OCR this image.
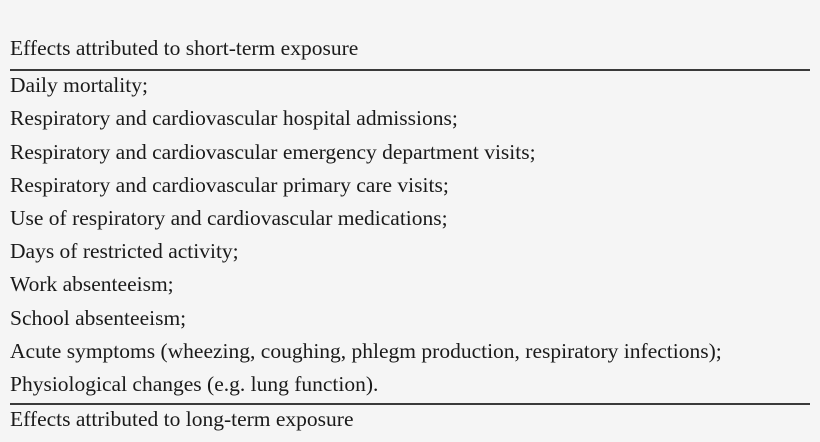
Effects attributed to short-term exposure
Daily mortality;
Respiratory and cardiovascular hospital admissions;
Respiratory and cardiovascular emergency department visits;
Respiratory and cardiovascular primary care visits;
Use of respiratory and cardiovascular medications;
Days of restricted activity;
Work absenteeism;
School absenteeism;
Acute symptoms (wheezing, coughing, phlegm production, respiratory infections);
Physiological changes (e.g. lung function).
Effects attributed to long-term exposure
